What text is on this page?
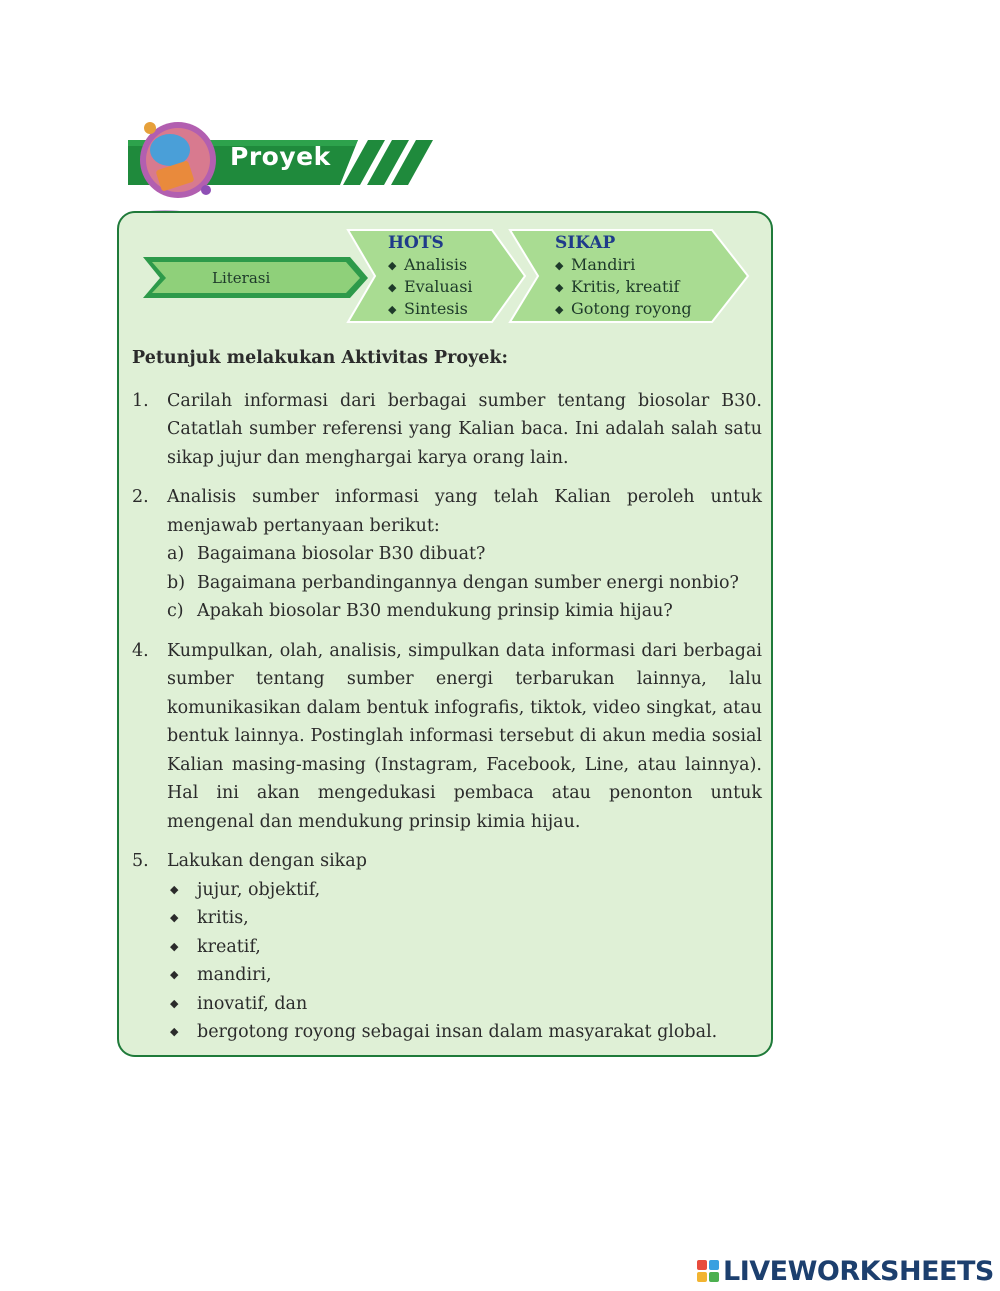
Proyek
Literasi
HOTS
◆ Analisis
◆ Evaluasi
◆ Sintesis
SIKAP
◆ Mandiri
◆ Kritis, kreatif
◆ Gotong royong
Petunjuk melakukan Aktivitas Proyek:
1.	Carilah informasi dari berbagai sumber tentang biosolar B30. Catatlah sumber referensi yang Kalian baca. Ini adalah salah satu sikap jujur dan menghargai karya orang lain.
2.	Analisis sumber informasi yang telah Kalian peroleh untuk menjawab pertanyaan berikut:
a) Bagaimana biosolar B30 dibuat?
b) Bagaimana perbandingannya dengan sumber energi nonbio?
c) Apakah biosolar B30 mendukung prinsip kimia hijau?
4.	Kumpulkan, olah, analisis, simpulkan data informasi dari berbagai sumber tentang sumber energi terbarukan lainnya, lalu komunikasikan dalam bentuk infografis, tiktok, video singkat, atau bentuk lainnya. Postinglah informasi tersebut di akun media sosial Kalian masing-masing (Instagram, Facebook, Line, atau lainnya). Hal ini akan mengedukasi pembaca atau penonton untuk mengenal dan mendukung prinsip kimia hijau.
5.	Lakukan dengan sikap
◆	jujur, objektif,
◆	kritis,
◆	kreatif,
◆	mandiri,
◆	inovatif, dan
◆	bergotong royong sebagai insan dalam masyarakat global.
LIVEWORKSHEETS
